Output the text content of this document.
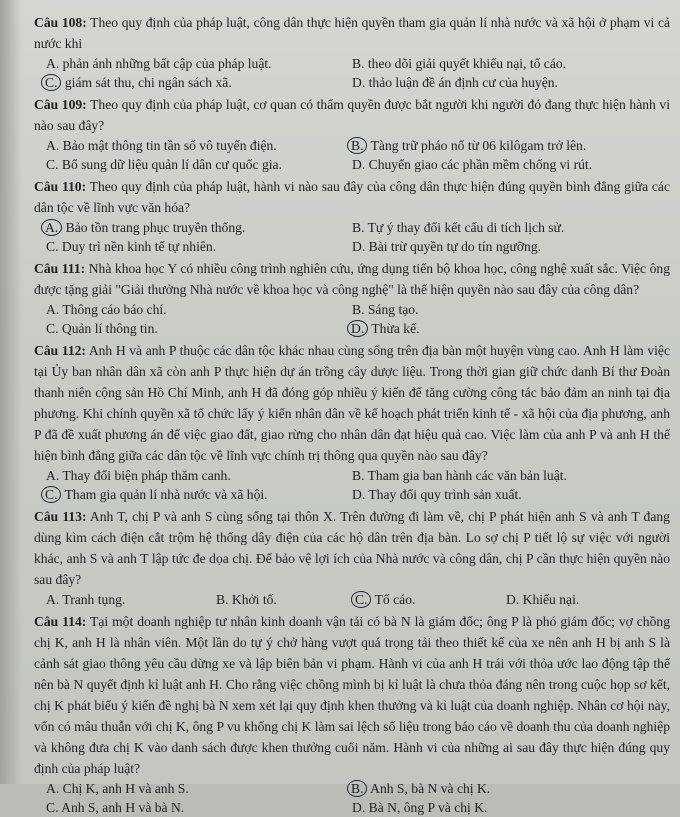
Câu 108: Theo quy định của pháp luật, công dân thực hiện quyền tham gia quản lí nhà nước và xã hội ở phạm vi cả nước khi

A. phản ánh những bất cập của pháp luật.	B. theo dõi giải quyết khiếu nại, tố cáo.
C. giám sát thu, chi ngân sách xã.	D. thảo luận đề án định cư của huyện.

Câu 109: Theo quy định của pháp luật, cơ quan có thẩm quyền được bắt người khi người đó đang thực hiện hành vi nào sau đây?

A. Bảo mật thông tin tần số vô tuyến điện.	B. Tàng trữ pháo nổ từ 06 kilôgam trở lên.
C. Bổ sung dữ liệu quản lí dân cư quốc gia.	D. Chuyển giao các phần mềm chống vi rút.

Câu 110: Theo quy định của pháp luật, hành vi nào sau đây của công dân thực hiện đúng quyền bình đẳng giữa các dân tộc về lĩnh vực văn hóa?

A. Bảo tồn trang phục truyền thống.	B. Tự ý thay đổi kết cấu di tích lịch sử.
C. Duy trì nền kinh tế tự nhiên.	D. Bài trừ quyền tự do tín ngưỡng.

Câu 111: Nhà khoa học Y có nhiều công trình nghiên cứu, ứng dụng tiến bộ khoa học, công nghệ xuất sắc. Việc ông được tặng giải "Giải thưởng Nhà nước về khoa học và công nghệ" là thể hiện quyền nào sau đây của công dân?

A. Thông cáo báo chí.	B. Sáng tạo.
C. Quản lí thông tin.	D. Thừa kế.

Câu 112: Anh H và anh P thuộc các dân tộc khác nhau cùng sống trên địa bàn một huyện vùng cao. Anh H làm việc tại Ủy ban nhân dân xã còn anh P thực hiện dự án trồng cây dược liệu. Trong thời gian giữ chức danh Bí thư Đoàn thanh niên cộng sản Hồ Chí Minh, anh H đã đóng góp nhiều ý kiến để tăng cường công tác bảo đảm an ninh tại địa phương. Khi chính quyền xã tổ chức lấy ý kiến nhân dân về kế hoạch phát triển kinh tế - xã hội của địa phương, anh P đã đề xuất phương án để việc giao đất, giao rừng cho nhân dân đạt hiệu quả cao. Việc làm của anh P và anh H thể hiện bình đẳng giữa các dân tộc về lĩnh vực chính trị thông qua quyền nào sau đây?

A. Thay đổi biện pháp thăm canh.	B. Tham gia ban hành các văn bản luật.
C. Tham gia quản lí nhà nước và xã hội.	D. Thay đổi quy trình sản xuất.

Câu 113: Anh T, chị P và anh S cùng sống tại thôn X. Trên đường đi làm về, chị P phát hiện anh S và anh T đang dùng kìm cách điện cắt trộm hệ thống dây điện của các hộ dân trên địa bàn. Lo sợ chị P tiết lộ sự việc với người khác, anh S và anh T lập tức đe dọa chị. Để bảo vệ lợi ích của Nhà nước và công dân, chị P cần thực hiện quyền nào sau đây?

A. Tranh tụng.	B. Khởi tố.	C. Tố cáo.	D. Khiếu nại.

Câu 114: Tại một doanh nghiệp tư nhân kinh doanh vận tải có bà N là giám đốc; ông P là phó giám đốc; vợ chồng chị K, anh H là nhân viên. Một lần do tự ý chở hàng vượt quá trọng tải theo thiết kế của xe nên anh H bị anh S là cảnh sát giao thông yêu cầu dừng xe và lập biên bản vi phạm. Hành vi của anh H trái với thỏa ước lao động tập thể nên bà N quyết định kỉ luật anh H. Cho rằng việc chồng mình bị kỉ luật là chưa thỏa đáng nên trong cuộc họp sơ kết, chị K phát biểu ý kiến đề nghị bà N xem xét lại quy định khen thưởng và kỉ luật của doanh nghiệp. Nhân cơ hội này, vốn có mâu thuẫn với chị K, ông P vu khống chị K làm sai lệch số liệu trong báo cáo về doanh thu của doanh nghiệp và không đưa chị K vào danh sách được khen thưởng cuối năm. Hành vi của những ai sau đây thực hiện đúng quy định của pháp luật?

A. Chị K, anh H và anh S.	B. Anh S, bà N và chị K.
C. Anh S, anh H và bà N.	D. Bà N, ông P và chị K.
